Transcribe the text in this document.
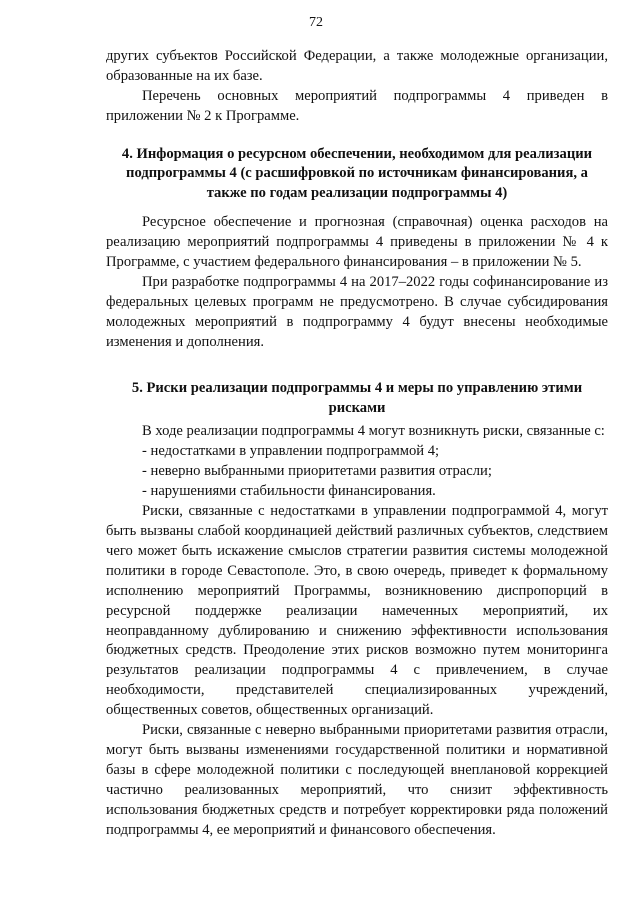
72

других субъектов Российской Федерации, а также молодежные организации, образованные на их базе.

Перечень основных мероприятий подпрограммы 4 приведен в приложении № 2 к Программе.

4. Информация о ресурсном обеспечении, необходимом для реализации подпрограммы 4 (с расшифровкой по источникам финансирования, а также по годам реализации подпрограммы 4)

Ресурсное обеспечение и прогнозная (справочная) оценка расходов на реализацию мероприятий подпрограммы 4 приведены в приложении № 4 к Программе, с участием федерального финансирования – в приложении № 5.

При разработке подпрограммы 4 на 2017–2022 годы софинансирование из федеральных целевых программ не предусмотрено. В случае субсидирования молодежных мероприятий в подпрограмму 4 будут внесены необходимые изменения и дополнения.

5. Риски реализации подпрограммы 4 и меры по управлению этими рисками

В ходе реализации подпрограммы 4 могут возникнуть риски, связанные с:

- недостатками в управлении подпрограммой 4;

- неверно выбранными приоритетами развития отрасли;

- нарушениями стабильности финансирования.

Риски, связанные с недостатками в управлении подпрограммой 4, могут быть вызваны слабой координацией действий различных субъектов, следствием чего может быть искажение смыслов стратегии развития системы молодежной политики в городе Севастополе. Это, в свою очередь, приведет к формальному исполнению мероприятий Программы, возникновению диспропорций в ресурсной поддержке реализации намеченных мероприятий, их неоправданному дублированию и снижению эффективности использования бюджетных средств. Преодоление этих рисков возможно путем мониторинга результатов реализации подпрограммы 4 с привлечением, в случае необходимости, представителей специализированных учреждений, общественных советов, общественных организаций.

Риски, связанные с неверно выбранными приоритетами развития отрасли, могут быть вызваны изменениями государственной политики и нормативной базы в сфере молодежной политики с последующей внеплановой коррекцией частично реализованных мероприятий, что снизит эффективность использования бюджетных средств и потребует корректировки ряда положений подпрограммы 4, ее мероприятий и финансового обеспечения.
